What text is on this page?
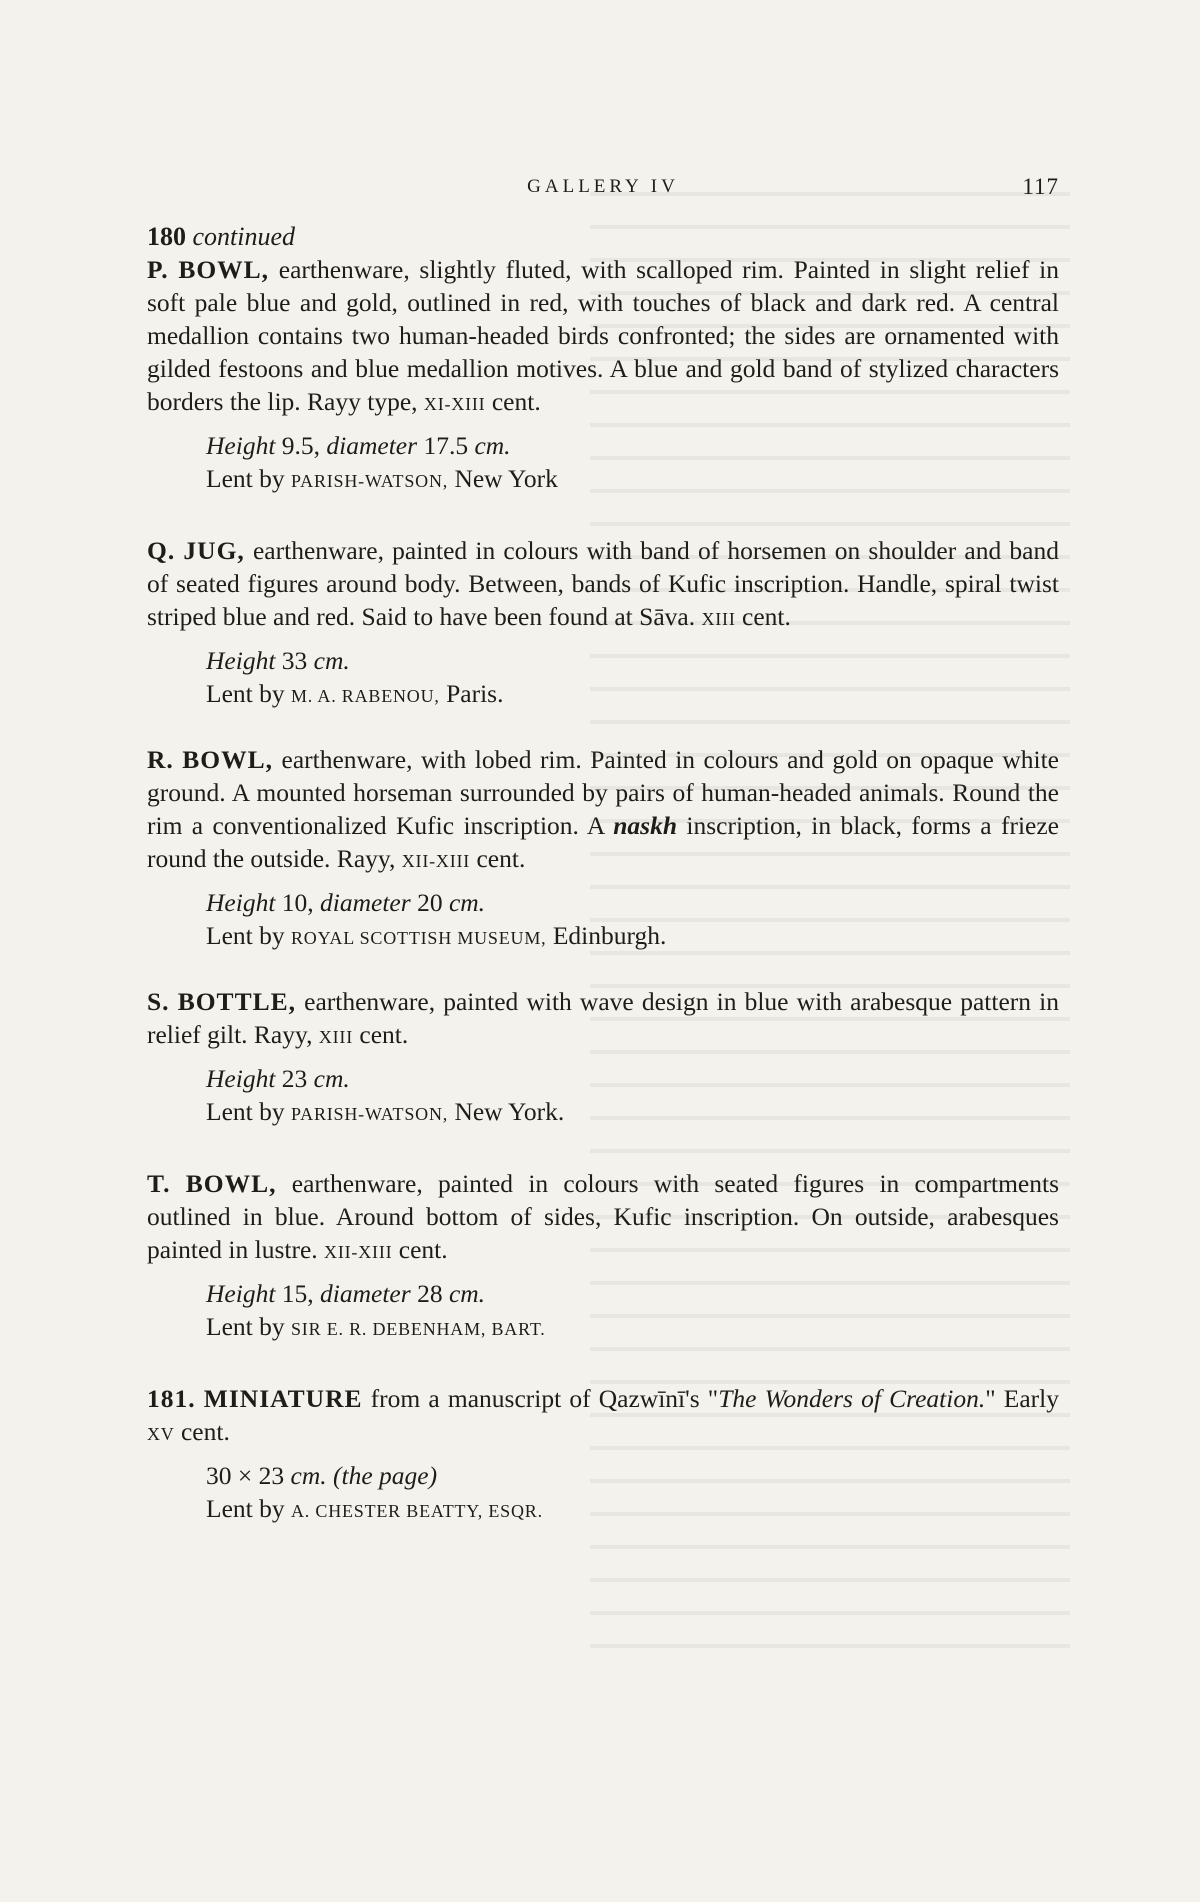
GALLERY IV	117
180 continued

P. BOWL, earthenware, slightly fluted, with scalloped rim. Painted in slight relief in soft pale blue and gold, outlined in red, with touches of black and dark red. A central medallion contains two human-headed birds confronted; the sides are ornamented with gilded festoons and blue medallion motives. A blue and gold band of stylized characters borders the lip. Rayy type, XI-XIII cent.

Height 9.5, diameter 17.5 cm.

Lent by PARISH-WATSON, New York

Q. JUG, earthenware, painted in colours with band of horsemen on shoulder and band of seated figures around body. Between, bands of Kufic inscription. Handle, spiral twist striped blue and red. Said to have been found at Sāva. XIII cent.

Height 33 cm.

Lent by M. A. RABENOU, Paris.

R. BOWL, earthenware, with lobed rim. Painted in colours and gold on opaque white ground. A mounted horseman surrounded by pairs of human-headed animals. Round the rim a conventionalized Kufic inscription. A naskh inscription, in black, forms a frieze round the outside. Rayy, XII-XIII cent.

Height 10, diameter 20 cm.

Lent by ROYAL SCOTTISH MUSEUM, Edinburgh.

S. BOTTLE, earthenware, painted with wave design in blue with arabesque pattern in relief gilt. Rayy, XIII cent.

Height 23 cm.

Lent by PARISH-WATSON, New York.

T. BOWL, earthenware, painted in colours with seated figures in compartments outlined in blue. Around bottom of sides, Kufic inscription. On outside, arabesques painted in lustre. XII-XIII cent.

Height 15, diameter 28 cm.

Lent by SIR E. R. DEBENHAM, BART.

181. MINIATURE from a manuscript of Qazwīnī's "The Wonders of Creation." Early XV cent.

30 × 23 cm. (the page)

Lent by A. CHESTER BEATTY, ESQR.
